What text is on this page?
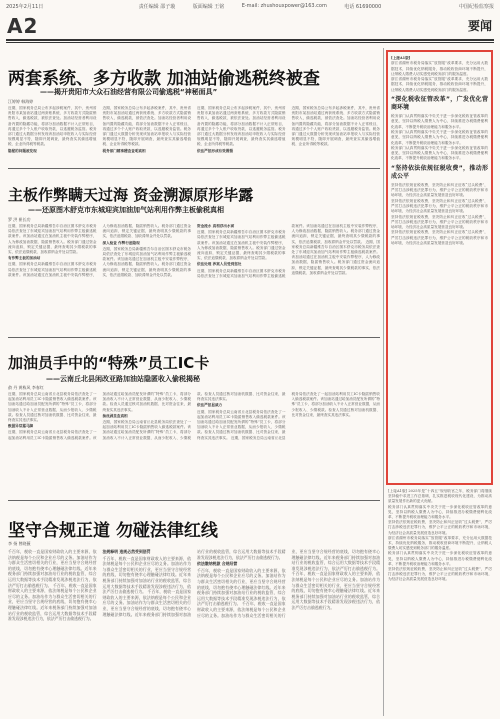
2025年2月11日	责任编辑 邵子璇	版面编辑 王铭	E-mail: zhushouxpower@163.com	电话 61690000	中国纪检监察报
A2	要闻
两套系统、多方收款 加油站偷逃税终被查
——揭开贵阳市大众石油经营有限公司偷逃税“神秘面具”
江婷婷 韩海婷
近期，国家税务总局公布多起涉税案件，其中，贵州省贵阳市某加油站通过两套账系统、多方收款方式隐匿销售收入，偷逃税款，被依法查处。加油站经营者利用设备内置的隐藏功能，将部分加油数据不计入正常账目，再通过多个个人账户收取货款，以逃避税务监管。税务部门通过大数据分析发现该加油站申报收入与实际经营规模明显不符，随即开展调查，最终查实其偷逃增值税、企业所得税等税款。
隐秘的问题被发现
近期，国家税务总局公布多起涉税案件，其中，贵州省贵阳市某加油站通过两套账系统、多方收款方式隐匿销售收入，偷逃税款，被依法查处。加油站经营者利用设备内置的隐藏功能，将部分加油数据不计入正常账目，再通过多个个人账户收取货款，以逃避税务监管。税务部门通过大数据分析发现该加油站申报收入与实际经营规模明显不符，随即开展调查，最终查实其偷逃增值税、企业所得税等税款。
税务部门精准稽查查明真相
近期，国家税务总局公布多起涉税案件，其中，贵州省贵阳市某加油站通过两套账系统、多方收款方式隐匿销售收入，偷逃税款，被依法查处。加油站经营者利用设备内置的隐藏功能，将部分加油数据不计入正常账目，再通过多个个人账户收取货款，以逃避税务监管。税务部门通过大数据分析发现该加油站申报收入与实际经营规模明显不符，随即开展调查，最终查实其偷逃增值税、企业所得税等税款。
依法严惩形成有效震慑
近期，国家税务总局公布多起涉税案件，其中，贵州省贵阳市某加油站通过两套账系统、多方收款方式隐匿销售收入，偷逃税款，被依法查处。加油站经营者利用设备内置的隐藏功能，将部分加油数据不计入正常账目，再通过多个个人账户收取货款，以逃避税务监管。税务部门通过大数据分析发现该加油站申报收入与实际经营规模明显不符，随即开展调查，最终查实其偷逃增值税、企业所得税等税款。
主板作弊瞒天过海 资金溯源原形毕露
——还原图木舒克市东城迎宾加油加气站利用作弊主板偷税真相
罗 洪 崔长功
近期，国家税务总局新疆维吾尔自治区图木舒克市税务局依法查处了东城迎宾加油加气站利用作弊主板偷逃税款案件。该加油站通过在加油机主板中安装作弊程序，人为修改加油数据，隐匿销售收入。税务部门通过资金流向追踪，锁定关键证据，最终查明其少缴税款的事实，依法追缴税款、加收滞纳金并处以罚款。
有作弊主板的加油站
近期，国家税务总局新疆维吾尔自治区图木舒克市税务局依法查处了东城迎宾加油加气站利用作弊主板偷逃税款案件。该加油站通过在加油机主板中安装作弊程序，人为修改加油数据，隐匿销售收入。税务部门通过资金流向追踪，锁定关键证据，最终查明其少缴税款的事实，依法追缴税款、加收滞纳金并处以罚款。
深入检查 作弊行迹隐现
近期，国家税务总局新疆维吾尔自治区图木舒克市税务局依法查处了东城迎宾加油加气站利用作弊主板偷逃税款案件。该加油站通过在加油机主板中安装作弊程序，人为修改加油数据，隐匿销售收入。税务部门通过资金流向追踪，锁定关键证据，最终查明其少缴税款的事实，依法追缴税款、加收滞纳金并处以罚款。
资金流水 真相浮出水面
近期，国家税务总局新疆维吾尔自治区图木舒克市税务局依法查处了东城迎宾加油加气站利用作弊主板偷逃税款案件。该加油站通过在加油机主板中安装作弊程序，人为修改加油数据，隐匿销售收入。税务部门通过资金流向追踪，锁定关键证据，最终查明其少缴税款的事实，依法追缴税款、加收滞纳金并处以罚款。
依法处理 涉案人员受到惩处
近期，国家税务总局新疆维吾尔自治区图木舒克市税务局依法查处了东城迎宾加油加气站利用作弊主板偷逃税款案件。该加油站通过在加油机主板中安装作弊程序，人为修改加油数据，隐匿销售收入。税务部门通过资金流向追踪，锁定关键证据，最终查明其少缴税款的事实，依法追缴税款、加收滞纳金并处以罚款。 近期，国家税务总局新疆维吾尔自治区图木舒克市税务局依法查处了东城迎宾加油加气站利用作弊主板偷逃税款案件。该加油站通过在加油机主板中安装作弊程序，人为修改加油数据，隐匿销售收入。税务部门通过资金流向追踪，锁定关键证据，最终查明其少缴税款的事实，依法追缴税款、加收滞纳金并处以罚款。
加油员手中的“特殊”员工IC卡
——云南丘北县闲改亚路加油站隐匿收入偷税揭秘
俞 丹 黄栋风 李春红
近期，国家税务总局云南省丘北县税务局依法查处了一起加油站利用员工IC卡隐匿销售收入偷逃税款案件。该加油站通过给加油员配发所谓的“特殊”员工卡，将部分加油收入不计入正常营业数据，从而少报收入、少缴税款。检查人员通过核对加油机数据、比对资金往来，最终查实其违法事实。
数据异常露马脚
近期，国家税务总局云南省丘北县税务局依法查处了一起加油站利用员工IC卡隐匿销售收入偷逃税款案件。该加油站通过给加油员配发所谓的“特殊”员工卡，将部分加油收入不计入正常营业数据，从而少报收入、少缴税款。检查人员通过核对加油机数据、比对资金往来，最终查实其违法事实。
抽丝剥茧查真相
近期，国家税务总局云南省丘北县税务局依法查处了一起加油站利用员工IC卡隐匿销售收入偷逃税款案件。该加油站通过给加油员配发所谓的“特殊”员工卡，将部分加油收入不计入正常营业数据，从而少报收入、少缴税款。检查人员通过核对加油机数据、比对资金往来，最终查实其违法事实。
依法严惩显威力
近期，国家税务总局云南省丘北县税务局依法查处了一起加油站利用员工IC卡隐匿销售收入偷逃税款案件。该加油站通过给加油员配发所谓的“特殊”员工卡，将部分加油收入不计入正常营业数据，从而少报收入、少缴税款。检查人员通过核对加油机数据、比对资金往来，最终查实其违法事实。 近期，国家税务总局云南省丘北县税务局依法查处了一起加油站利用员工IC卡隐匿销售收入偷逃税款案件。该加油站通过给加油员配发所谓的“特殊”员工卡，将部分加油收入不计入正常营业数据，从而少报收入、少缴税款。检查人员通过核对加油机数据、比对资金往来，最终查实其违法事实。
坚守合规正道 勿碰法律红线
李 扬 曾晓薇
千百年，税收一直是国家财政收入的主要来源，依法纳税是每个公民和企业应尽的义务。加油站作为与群众生活密切相关的行业，更应当坚守合规经营的底线，切勿抱有侥幸心理触碰法律红线。近年来税务部门持续加强对加油站行业的税收监管，综合运用大数据等技术手段精准发现涉税违法行为，依法严厉打击偷逃税行为。 千百年，税收一直是国家财政收入的主要来源，依法纳税是每个公民和企业应尽的义务。加油站作为与群众生活密切相关的行业，更应当坚守合规经营的底线，切勿抱有侥幸心理触碰法律红线。近年来税务部门持续加强对加油站行业的税收监管，综合运用大数据等技术手段精准发现涉税违法行为，依法严厉打击偷逃税行为。
法规释明 违规必然受到惩罚
千百年，税收一直是国家财政收入的主要来源，依法纳税是每个公民和企业应尽的义务。加油站作为与群众生活密切相关的行业，更应当坚守合规经营的底线，切勿抱有侥幸心理触碰法律红线。近年来税务部门持续加强对加油站行业的税收监管，综合运用大数据等技术手段精准发现涉税违法行为，依法严厉打击偷逃税行为。 千百年，税收一直是国家财政收入的主要来源，依法纳税是每个公民和企业应尽的义务。加油站作为与群众生活密切相关的行业，更应当坚守合规经营的底线，切勿抱有侥幸心理触碰法律红线。近年来税务部门持续加强对加油站行业的税收监管，综合运用大数据等技术手段精准发现涉税违法行为，依法严厉打击偷逃税行为。
依法缴纳税款 合规经营
千百年，税收一直是国家财政收入的主要来源，依法纳税是每个公民和企业应尽的义务。加油站作为与群众生活密切相关的行业，更应当坚守合规经营的底线，切勿抱有侥幸心理触碰法律红线。近年来税务部门持续加强对加油站行业的税收监管，综合运用大数据等技术手段精准发现涉税违法行为，依法严厉打击偷逃税行为。 千百年，税收一直是国家财政收入的主要来源，依法纳税是每个公民和企业应尽的义务。加油站作为与群众生活密切相关的行业，更应当坚守合规经营的底线，切勿抱有侥幸心理触碰法律红线。近年来税务部门持续加强对加油站行业的税收监管，综合运用大数据等技术手段精准发现涉税违法行为，依法严厉打击偷逃税行为。 千百年，税收一直是国家财政收入的主要来源，依法纳税是每个公民和企业应尽的义务。加油站作为与群众生活密切相关的行业，更应当坚守合规经营的底线，切勿抱有侥幸心理触碰法律红线。近年来税务部门持续加强对加油站行业的税收监管，综合运用大数据等技术手段精准发现涉税违法行为，依法严厉打击偷逃税行为。
[上接A1版]
浙江省湖州市税务局落实“放管服”改革要求，充分运用大数据技术，持续优化纳税服务，推动税收营商环境不断提升，让纳税人缴费人切实感受到税务部门的服务温度。
浙江省湖州市税务局落实“放管服”改革要求，充分运用大数据技术，持续优化纳税服务，推动税收营商环境不断提升，让纳税人缴费人切实感受到税务部门的服务温度。
“深化税收征管改革”，广发优化营商环境
税务部门认真贯彻落实中央关于进一步深化税收征管改革的意见，坚持以纳税人缴费人为中心，持续推进办税缴费便利化改革，不断提升税收治理能力和服务水平。
税务部门认真贯彻落实中央关于进一步深化税收征管改革的意见，坚持以纳税人缴费人为中心，持续推进办税缴费便利化改革，不断提升税收治理能力和服务水平。
税务部门认真贯彻落实中央关于进一步深化税收征管改革的意见，坚持以纳税人缴费人为中心，持续推进办税缴费便利化改革，不断提升税收治理能力和服务水平。
“坚持依法依规征税收费”，推动形成公平
坚持依法依规征税收费，坚决防止和纠正征收“过头税费”，严厉打击涉税违法犯罪行为，维护公平公正的税收秩序和市场环境，为经济社会高质量发展营造良好环境。
坚持依法依规征税收费，坚决防止和纠正征收“过头税费”，严厉打击涉税违法犯罪行为，维护公平公正的税收秩序和市场环境，为经济社会高质量发展营造良好环境。
坚持依法依规征税收费，坚决防止和纠正征收“过头税费”，严厉打击涉税违法犯罪行为，维护公平公正的税收秩序和市场环境，为经济社会高质量发展营造良好环境。
坚持依法依规征税收费，坚决防止和纠正征收“过头税费”，严厉打击涉税违法犯罪行为，维护公平公正的税收秩序和市场环境，为经济社会高质量发展营造良好环境。
[上接A1版] 2025年是“十四五”规划收官之年，税务部门将继续坚持稳中求进工作总基调，扎实推进税收现代化建设，为推动高质量发展作出新的更大贡献。
税务部门认真贯彻落实中央关于进一步深化税收征管改革的意见，坚持以纳税人缴费人为中心，持续推进办税缴费便利化改革，不断提升税收治理能力和服务水平。
坚持依法依规征税收费，坚决防止和纠正征收“过头税费”，严厉打击涉税违法犯罪行为，维护公平公正的税收秩序和市场环境，为经济社会高质量发展营造良好环境。
浙江省湖州市税务局落实“放管服”改革要求，充分运用大数据技术，持续优化纳税服务，推动税收营商环境不断提升，让纳税人缴费人切实感受到税务部门的服务温度。
税务部门认真贯彻落实中央关于进一步深化税收征管改革的意见，坚持以纳税人缴费人为中心，持续推进办税缴费便利化改革，不断提升税收治理能力和服务水平。
坚持依法依规征税收费，坚决防止和纠正征收“过头税费”，严厉打击涉税违法犯罪行为，维护公平公正的税收秩序和市场环境，为经济社会高质量发展营造良好环境。
